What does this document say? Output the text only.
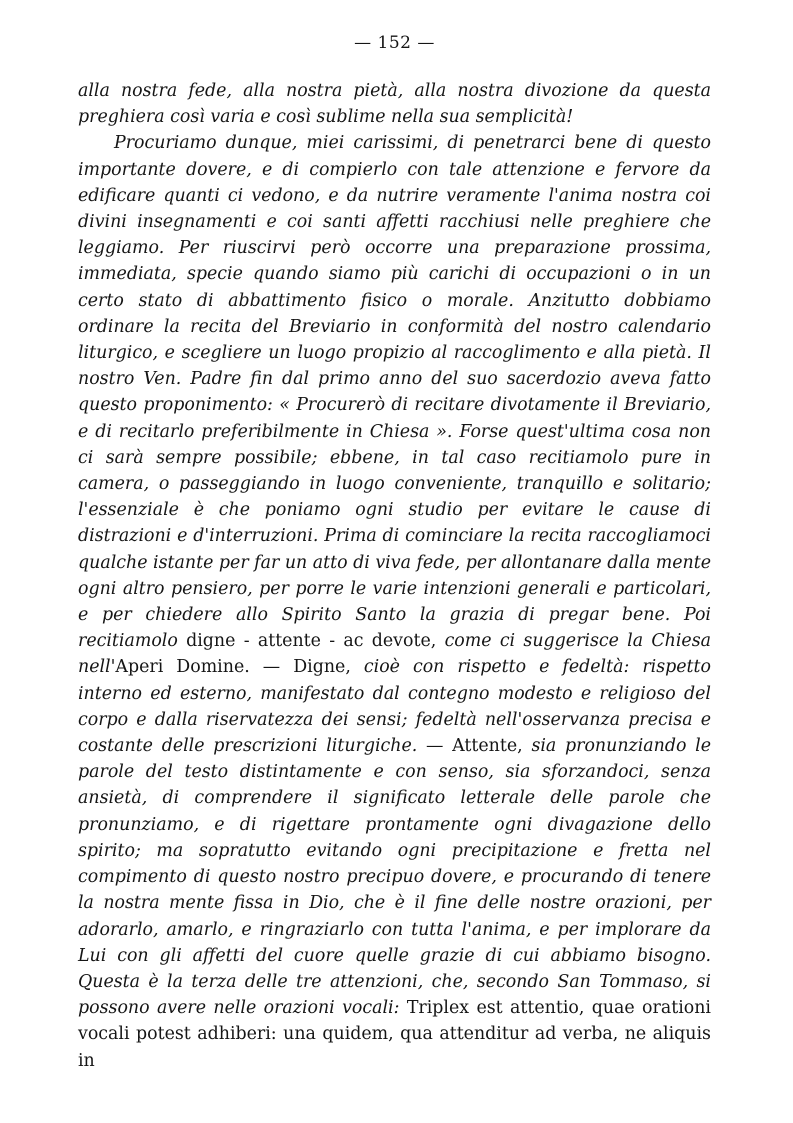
— 152 —

alla nostra fede, alla nostra pietà, alla nostra divozione da questa preghiera così varia e così sublime nella sua semplicità!

Procuriamo dunque, miei carissimi, di penetrarci bene di questo importante dovere, e di compierlo con tale attenzione e fervore da edificare quanti ci vedono, e da nutrire veramente l'anima nostra coi divini insegnamenti e coi santi affetti racchiusi nelle preghiere che leggiamo. Per riuscirvi però occorre una preparazione prossima, immediata, specie quando siamo più carichi di occupazioni o in un certo stato di abbattimento fisico o morale. Anzitutto dobbiamo ordinare la recita del Breviario in conformità del nostro calendario liturgico, e scegliere un luogo propizio al raccoglimento e alla pietà. Il nostro Ven. Padre fin dal primo anno del suo sacerdozio aveva fatto questo proponimento: « Procurerò di recitare divotamente il Breviario, e di recitarlo preferibilmente in Chiesa ». Forse quest'ultima cosa non ci sarà sempre possibile; ebbene, in tal caso recitiamolo pure in camera, o passeggiando in luogo conveniente, tranquillo e solitario; l'essenziale è che poniamo ogni studio per evitare le cause di distrazioni e d'interruzioni. Prima di cominciare la recita raccogliamoci qualche istante per far un atto di viva fede, per allontanare dalla mente ogni altro pensiero, per porre le varie intenzioni generali e particolari, e per chiedere allo Spirito Santo la grazia di pregar bene. Poi recitiamolo digne - attente - ac devote, come ci suggerisce la Chiesa nell'Aperi Domine. — Digne, cioè con rispetto e fedeltà: rispetto interno ed esterno, manifestato dal contegno modesto e religioso del corpo e dalla riservatezza dei sensi; fedeltà nell'osservanza precisa e costante delle prescrizioni liturgiche. — Attente, sia pronunziando le parole del testo distintamente e con senso, sia sforzandoci, senza ansietà, di comprendere il significato letterale delle parole che pronunziamo, e di rigettare prontamente ogni divagazione dello spirito; ma sopratutto evitando ogni precipitazione e fretta nel compimento di questo nostro precipuo dovere, e procurando di tenere la nostra mente fissa in Dio, che è il fine delle nostre orazioni, per adorarlo, amarlo, e ringraziarlo con tutta l'anima, e per implorare da Lui con gli affetti del cuore quelle grazie di cui abbiamo bisogno. Questa è la terza delle tre attenzioni, che, secondo San Tommaso, si possono avere nelle orazioni vocali: Triplex est attentio, quae orationi vocali potest adhiberi: una quidem, qua attenditur ad verba, ne aliquis in
